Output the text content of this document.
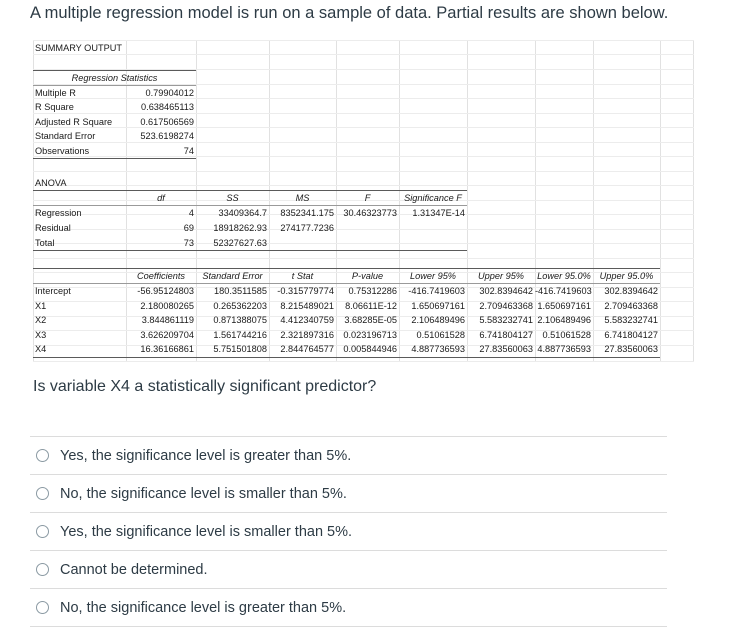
A multiple regression model is run on a sample of data. Partial results are shown below.
SUMMARY OUTPUT
Regression Statistics
Multiple R	0.79904012
R Square	0.638465113
Adjusted R Square	0.617506569
Standard Error	523.6198274
Observations	74
ANOVA
df	SS	MS	F	Significance F
Regression	4	33409364.7	8352341.175	30.46323773	1.31347E-14
Residual	69	18918262.93	274177.7236
Total	73	52327627.63
Coefficients	Standard Error	t Stat	P-value	Lower 95%	Upper 95%	Lower 95.0% Upper 95.0%
Intercept	-56.95124803	180.3511585	-0.315779774	0.75312286	-416.7419603	302.8394642 -416.7419603	302.8394642
X1	2.180080265	0.265362203	8.215489021	8.06611E-12	1.650697161	2.709463368 1.650697161	2.709463368
X2	3.844861119	0.871388075	4.412340759	3.68285E-05	2.106489496	5.583232741 2.106489496	5.583232741
X3	3.626209704	1.561744216	2.321897316	0.023196713	0.51061528	6.741804127	0.51061528	6.741804127
X4	16.36166861	5.751501808	2.844764577	0.005844946	4.887736593	27.83560063 4.887736593	27.83560063
Is variable X4 a statistically significant predictor?
Yes, the significance level is greater than 5%.
No, the significance level is smaller than 5%.
Yes, the significance level is smaller than 5%.
Cannot be determined.
No, the significance level is greater than 5%.
